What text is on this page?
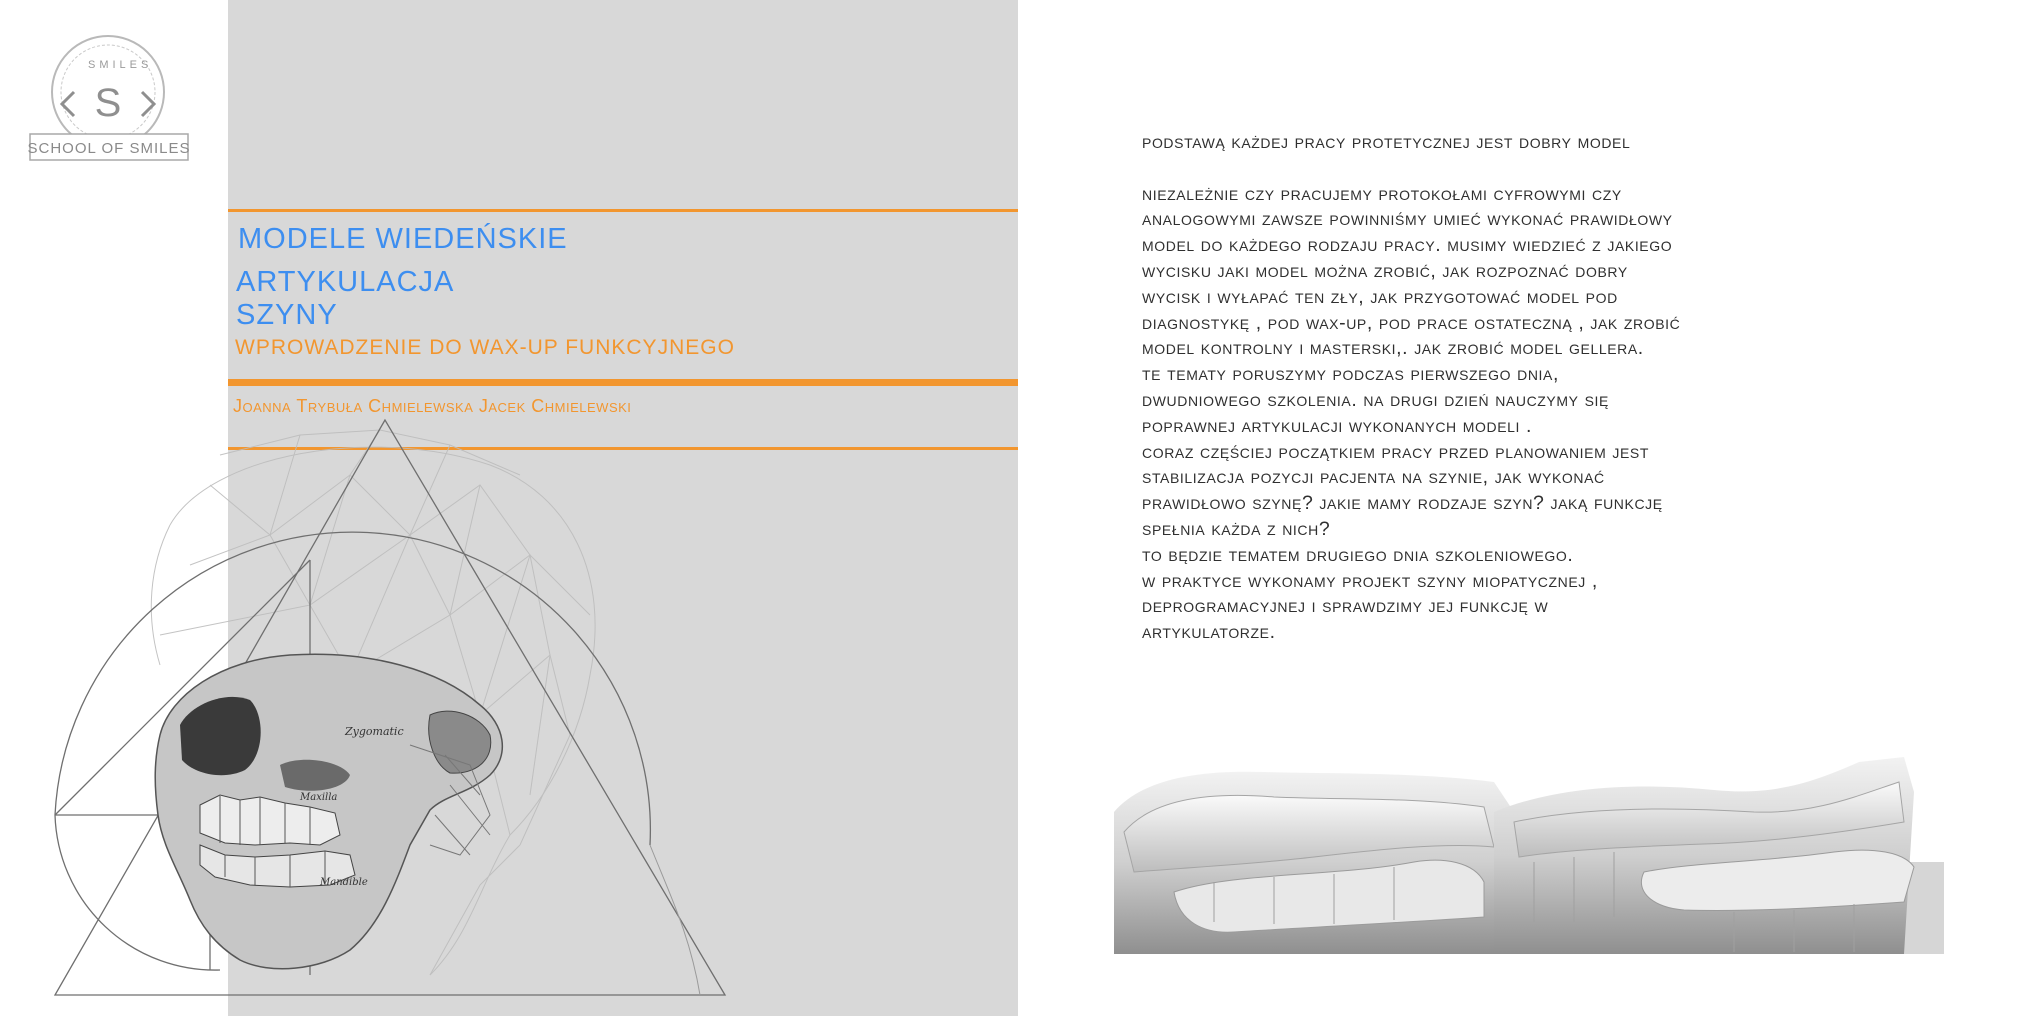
SMILES
S
SCHOOL OF SMILES
MODELE WIEDEŃSKIE
ARTYKULACJA
SZYNY
WPROWADZENIE DO WAX-UP FUNKCYJNEGO
Joanna Trybuła Chmielewska Jacek Chmielewski
Zygomatic
Maxilla
Mandible

podstawą każdej pracy protetycznej jest dobry model

niezależnie czy pracujemy protokołami cyfrowymi czy

analogowymi zawsze powinniśmy umieć wykonać prawidłowy

model do każdego rodzaju pracy. musimy wiedzieć z jakiego

wycisku jaki model można zrobić, jak rozpoznać dobry

wycisk i wyłapać ten zły, jak przygotować model pod

diagnostykę , pod wax-up, pod prace ostateczną , jak zrobić

model kontrolny i masterski,. jak zrobić model gellera.

te tematy poruszymy podczas pierwszego dnia,

dwudniowego szkolenia. na drugi dzień nauczymy się

poprawnej artykulacji wykonanych modeli .

coraz częściej początkiem pracy przed planowaniem jest

stabilizacja pozycji pacjenta na szynie, jak wykonać

prawidłowo szynę? jakie mamy rodzaje szyn? jaką funkcję

spełnia każda z nich?

to będzie tematem drugiego dnia szkoleniowego.

w praktyce wykonamy projekt szyny miopatycznej ,

deprogramacyjnej i sprawdzimy jej funkcję w

artykulatorze.
